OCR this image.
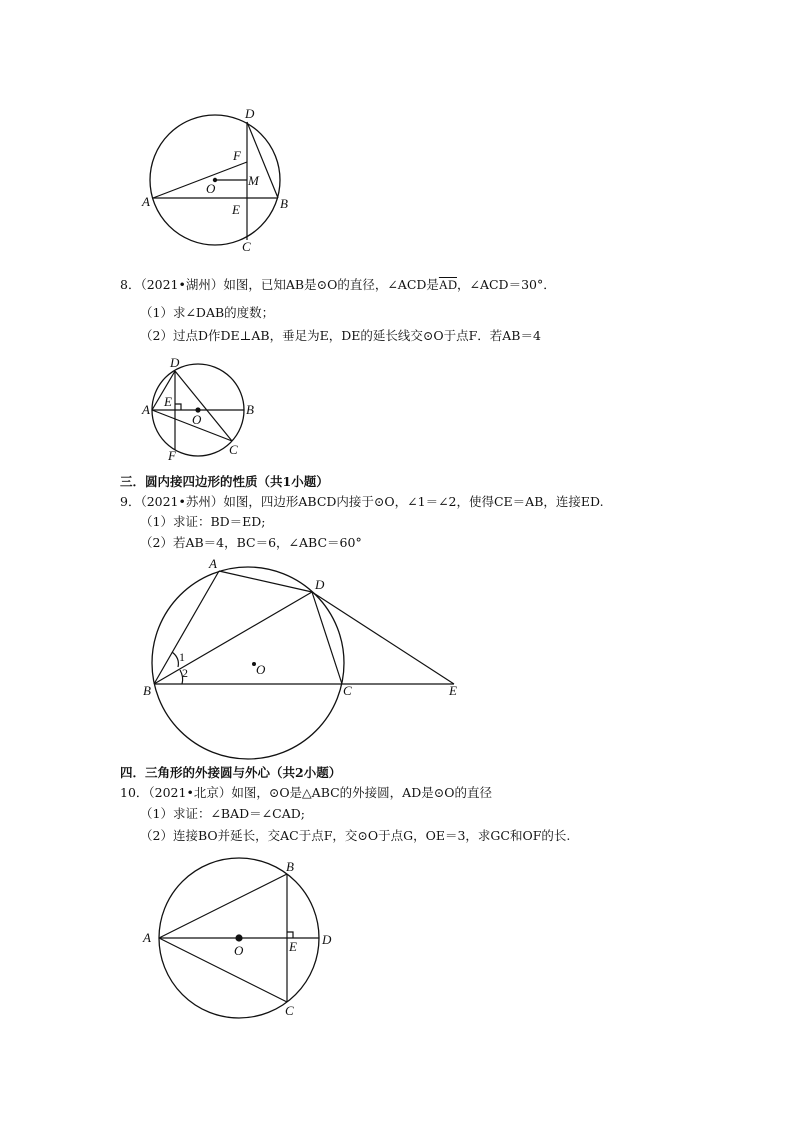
D
F
O
M
A
E	B
C
8．（2021•湖州）如图，已知AB是⊙O的直径，∠ACD是$\overline{AD}$，∠ACD＝30°．
（1）求∠DAB的度数；
（2）过点D作DE⊥AB，垂足为E，DE的延长线交⊙O于点F．若AB＝4
D
A
E
O
B
F	C
三．圆内接四边形的性质（共1小题）
9．（2021•苏州）如图，四边形ABCD内接于⊙O，∠1＝∠2，使得CE＝AB，连接ED.
（1）求证：BD＝ED;
（2）若AB＝4，BC＝6，∠ABC＝60°
A
D
1
2	O
B	C	E
四．三角形的外接圆与外心（共2小题）
10．（2021•北京）如图，⊙O是△ABC的外接圆，AD是⊙O的直径
（1）求证：∠BAD＝∠CAD;
（2）连接BO并延长，交AC于点F，交⊙O于点G，OE＝3，求GC和OF的长.
B
A
O	E D
C
